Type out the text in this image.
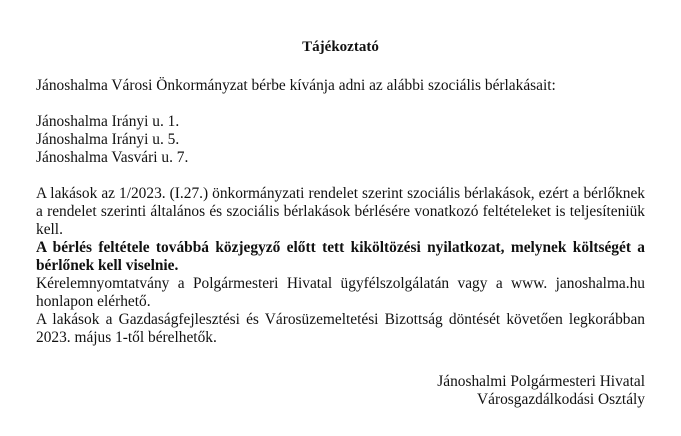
Tájékoztató
Jánoshalma Városi Önkormányzat bérbe kívánja adni az alábbi szociális bérlakásait:
Jánoshalma Irányi u. 1.
Jánoshalma Irányi u. 5.
Jánoshalma Vasvári u. 7.

A lakások az 1/2023. (I.27.) önkormányzati rendelet szerint szociális bérlakások, ezért a bérlőknek a rendelet szerinti általános és szociális bérlakások bérlésére vonatkozó feltételeket is teljesíteniük kell.

A bérlés feltétele továbbá közjegyző előtt tett kiköltözési nyilatkozat, melynek költségét a bérlőnek kell viselnie.

Kérelemnyomtatvány a Polgármesteri Hivatal ügyfélszolgálatán vagy a www. janoshalma.hu honlapon elérhető.

A lakások a Gazdaságfejlesztési és Városüzemeltetési Bizottság döntését követően legkorábban 2023. május 1-től bérelhetők.

Jánoshalmi Polgármesteri Hivatal
Városgazdálkodási Osztály
